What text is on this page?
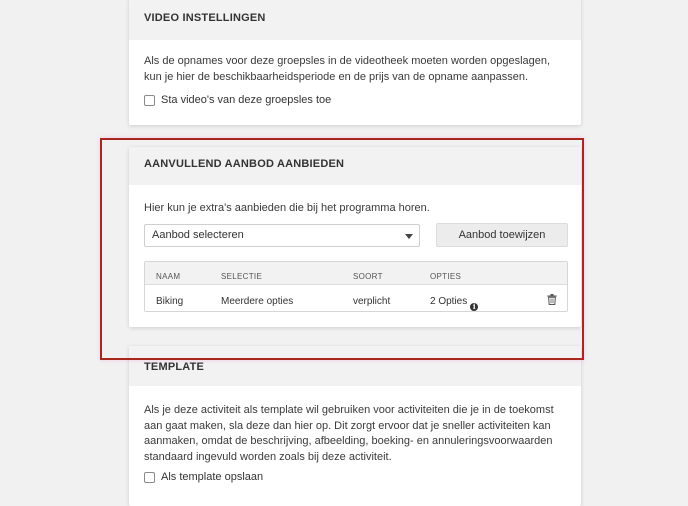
VIDEO INSTELLINGEN
Als de opnames voor deze groepsles in de videotheek moeten worden opgeslagen, kun je hier de beschikbaarheidsperiode en de prijs van de opname aanpassen.
Sta video's van deze groepsles toe
AANVULLEND AANBOD AANBIEDEN
Hier kun je extra's aanbieden die bij het programma horen.
Aanbod selecteren	Aanbod toewijzen
NAAM	SELECTIE	SOORT	OPTIES
Biking	Meerdere opties	verplicht	2 Opties i
TEMPLATE
Als je deze activiteit als template wil gebruiken voor activiteiten die je in de toekomst aan gaat maken, sla deze dan hier op. Dit zorgt ervoor dat je sneller activiteiten kan aanmaken, omdat de beschrijving, afbeelding, boeking- en annuleringsvoorwaarden standaard ingevuld worden zoals bij deze activiteit.
Als template opslaan
